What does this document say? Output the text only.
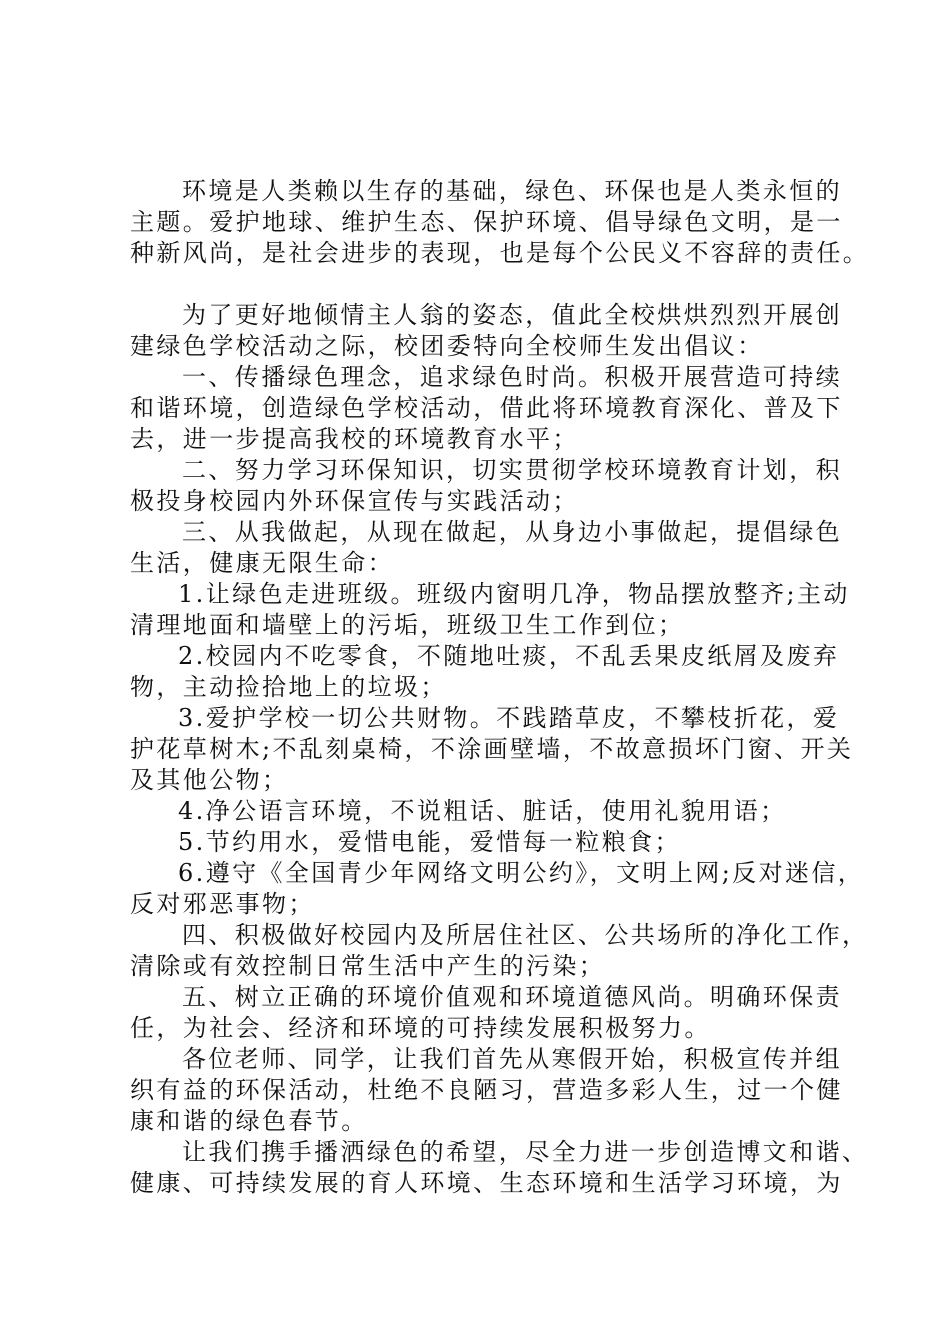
环境是人类赖以生存的基础，绿色、环保也是人类永恒的
主题。爱护地球、维护生态、保护环境、倡导绿色文明，是一
种新风尚，是社会进步的表现，也是每个公民义不容辞的责任。
为了更好地倾情主人翁的姿态，值此全校烘烘烈烈开展创
建绿色学校活动之际，校团委特向全校师生发出倡议：
一、传播绿色理念，追求绿色时尚。积极开展营造可持续
和谐环境，创造绿色学校活动，借此将环境教育深化、普及下
去，进一步提高我校的环境教育水平；
二、努力学习环保知识，切实贯彻学校环境教育计划，积
极投身校园内外环保宣传与实践活动；
三、从我做起，从现在做起，从身边小事做起，提倡绿色
生活，健康无限生命：
1.让绿色走进班级。班级内窗明几净，物品摆放整齐;主动
清理地面和墙壁上的污垢，班级卫生工作到位；
2.校园内不吃零食，不随地吐痰，不乱丢果皮纸屑及废弃
物，主动捡拾地上的垃圾；
3.爱护学校一切公共财物。不践踏草皮，不攀枝折花，爱
护花草树木;不乱刻桌椅，不涂画壁墙，不故意损坏门窗、开关
及其他公物；
4.净公语言环境，不说粗话、脏话，使用礼貌用语；
5.节约用水，爱惜电能，爱惜每一粒粮食；
6.遵守《全国青少年网络文明公约》，文明上网;反对迷信，
反对邪恶事物；
四、积极做好校园内及所居住社区、公共场所的净化工作，
清除或有效控制日常生活中产生的污染；
五、树立正确的环境价值观和环境道德风尚。明确环保责
任，为社会、经济和环境的可持续发展积极努力。
各位老师、同学，让我们首先从寒假开始，积极宣传并组
织有益的环保活动，杜绝不良陋习，营造多彩人生，过一个健
康和谐的绿色春节。
让我们携手播洒绿色的希望，尽全力进一步创造博文和谐、
健康、可持续发展的育人环境、生态环境和生活学习环境，为
